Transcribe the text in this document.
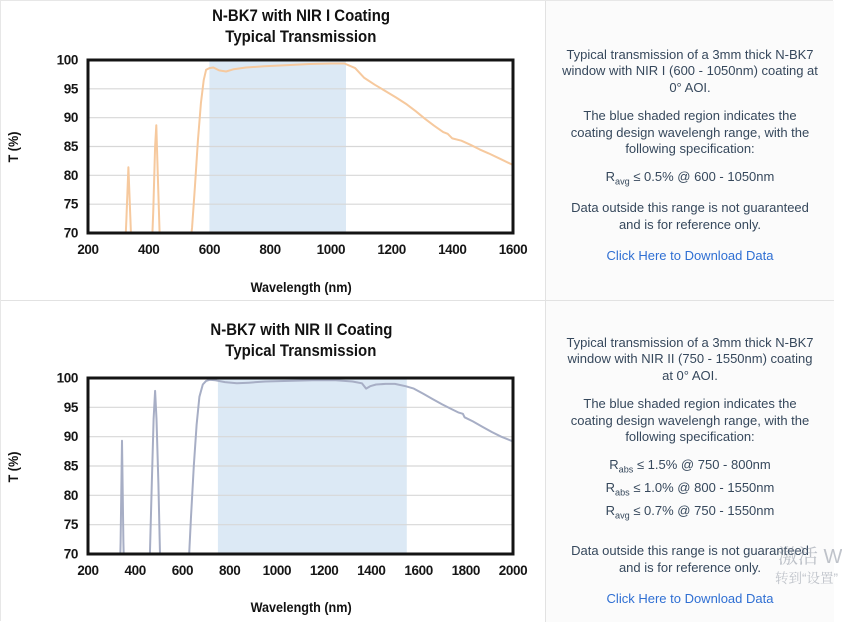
N-BK7 with NIR I Coating
Typical Transmission
T (%)
70
75
80
85
90
95
100
200	400	600	800	1000 1200 1400 1600
Wavelength (nm)

Typical transmission of a 3mm thick N-BK7 window with NIR I (600 - 1050nm) coating at 0° AOI.

The blue shaded region indicates the coating design wavelengh range, with the following specification:

$R_{avg} \le 0.5\%$ @ 600 - 1050nm

Data outside this range is not guaranteed and is for reference only.

Click Here to Download Data
N-BK7 with NIR II Coating
Typical Transmission
T (%)
70
75
80
85
90
95
100
200 400 600 800 1000 1200 1400 1600 1800 2000
Wavelength (nm)

Typical transmission of a 3mm thick N-BK7 window with NIR II (750 - 1550nm) coating at 0° AOI.

The blue shaded region indicates the coating design wavelengh range, with the following specification:

$R_{abs} \le 1.5\%$ @ 750 - 800nm
$R_{abs} \le 1.0\%$ @ 800 - 1550nm
$R_{avg} \le 0.7\%$ @ 750 - 1550nm

Data outside this range is not guaranteed and is for reference only.

Click Here to Download Data
激活 W
转到“设置”
